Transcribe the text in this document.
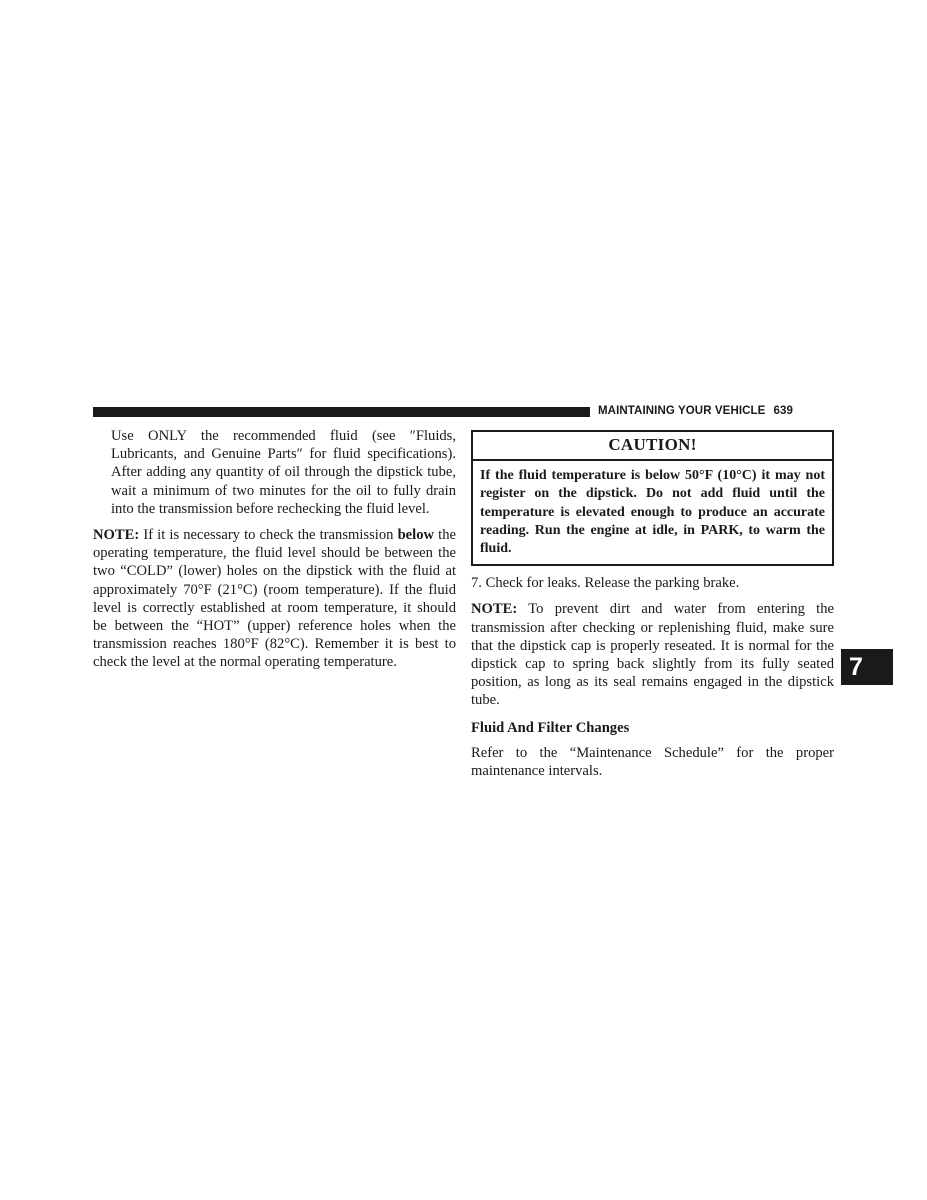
MAINTAINING YOUR VEHICLE 639

Use ONLY the recommended fluid (see ″Fluids, Lubricants, and Genuine Parts″ for fluid specifications). After adding any quantity of oil through the dipstick tube, wait a minimum of two minutes for the oil to fully drain into the transmission before rechecking the fluid level.

NOTE: If it is necessary to check the transmission below the operating temperature, the fluid level should be between the two “COLD” (lower) holes on the dipstick with the fluid at approximately 70°F (21°C) (room temperature). If the fluid level is correctly established at room temperature, it should be between the “HOT” (upper) reference holes when the transmission reaches 180°F (82°C). Remember it is best to check the level at the normal operating temperature.

CAUTION!
If the fluid temperature is below 50°F (10°C) it may not register on the dipstick. Do not add fluid until the temperature is elevated enough to produce an accurate reading. Run the engine at idle, in PARK, to warm the fluid.

7. Check for leaks. Release the parking brake.

NOTE: To prevent dirt and water from entering the transmission after checking or replenishing fluid, make sure that the dipstick cap is properly reseated. It is normal for the dipstick cap to spring back slightly from its fully seated position, as long as its seal remains engaged in the dipstick tube.

Fluid And Filter Changes

Refer to the “Maintenance Schedule” for the proper maintenance intervals.

7
